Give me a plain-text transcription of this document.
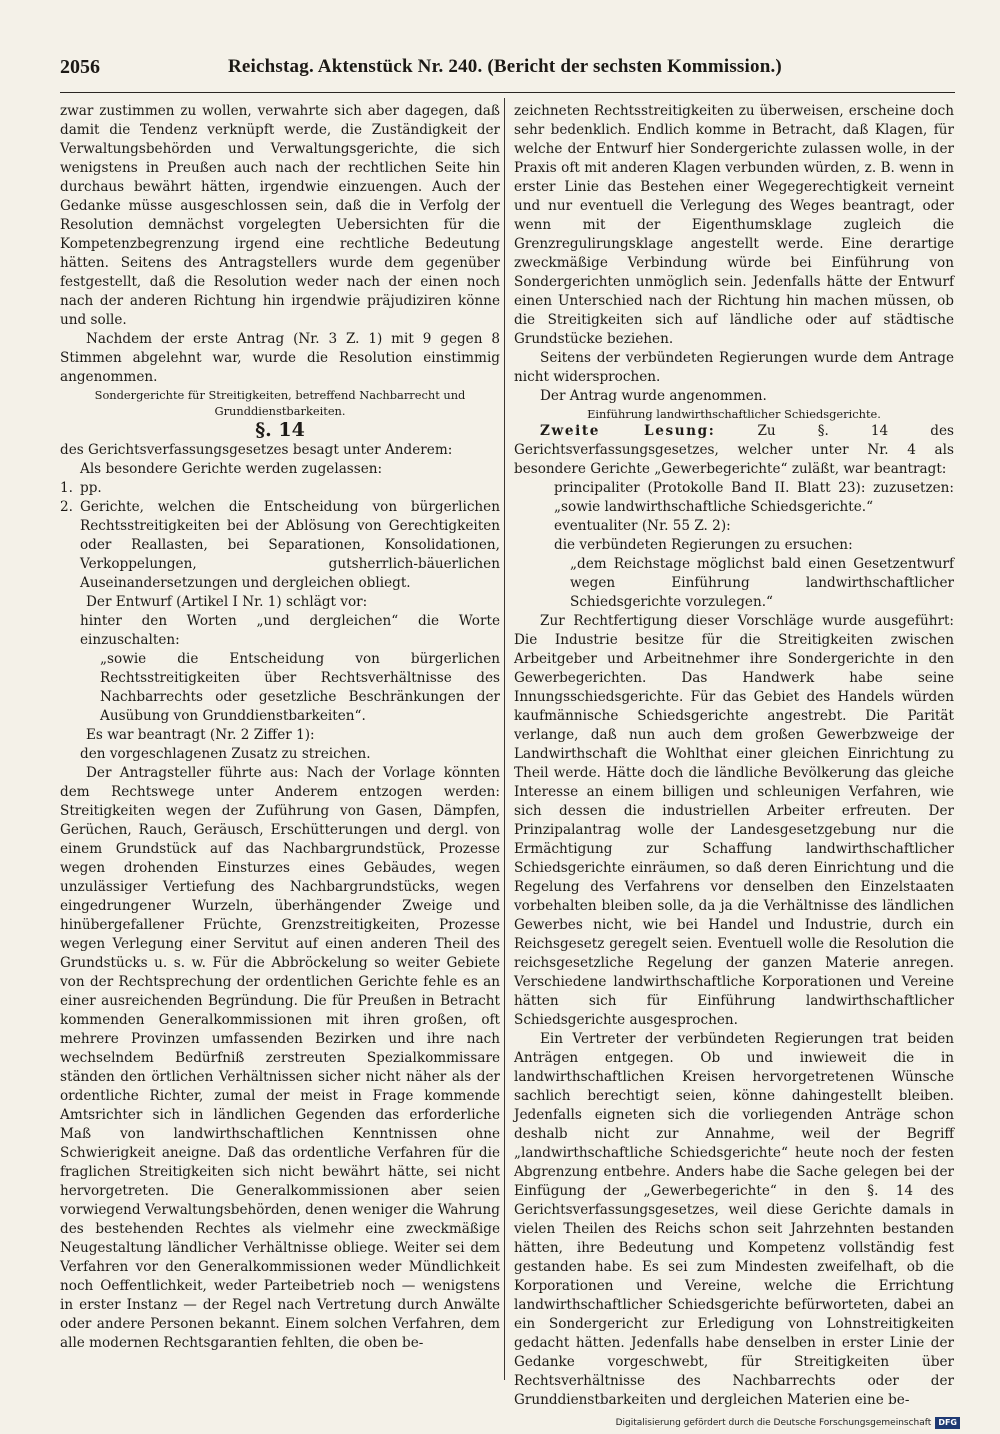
2056	Reichstag. Aktenstück Nr. 240. (Bericht der sechsten Kommission.)

zwar zustimmen zu wollen, verwahrte sich aber dagegen, daß damit die Tendenz verknüpft werde, die Zuständigkeit der Verwaltungsbehörden und Verwaltungsgerichte, die sich wenigstens in Preußen auch nach der rechtlichen Seite hin durchaus bewährt hätten, irgendwie einzuengen. Auch der Gedanke müsse ausgeschlossen sein, daß die in Verfolg der Resolution demnächst vorgelegten Uebersichten für die Kompetenzbegrenzung irgend eine rechtliche Bedeutung hätten. Seitens des Antragstellers wurde dem gegenüber festgestellt, daß die Resolution weder nach der einen noch nach der anderen Richtung hin irgendwie präjudiziren könne und solle.

Nachdem der erste Antrag (Nr. 3 Z. 1) mit 9 gegen 8 Stimmen abgelehnt war, wurde die Resolution einstimmig angenommen.

Sondergerichte für Streitigkeiten, betreffend Nachbarrecht und Grunddienstbarkeiten.

§. 14

des Gerichtsverfassungsgesetzes besagt unter Anderem:

Als besondere Gerichte werden zugelassen:

1. pp.
2. Gerichte, welchen die Entscheidung von bürgerlichen Rechtsstreitigkeiten bei der Ablösung von Gerechtigkeiten oder Reallasten, bei Separationen, Konsolidationen, Verkoppelungen, gutsherrlich-bäuerlichen Auseinandersetzungen und dergleichen obliegt.

Der Entwurf (Artikel I Nr. 1) schlägt vor:

hinter den Worten „und dergleichen“ die Worte einzuschalten:

„sowie die Entscheidung von bürgerlichen Rechtsstreitigkeiten über Rechtsverhältnisse des Nachbarrechts oder gesetzliche Beschränkungen der Ausübung von Grunddienstbarkeiten“.

Es war beantragt (Nr. 2 Ziffer 1):

den vorgeschlagenen Zusatz zu streichen.

Der Antragsteller führte aus: Nach der Vorlage könnten dem Rechtswege unter Anderem entzogen werden: Streitigkeiten wegen der Zuführung von Gasen, Dämpfen, Gerüchen, Rauch, Geräusch, Erschütterungen und dergl. von einem Grundstück auf das Nachbargrundstück, Prozesse wegen drohenden Einsturzes eines Gebäudes, wegen unzulässiger Vertiefung des Nachbargrundstücks, wegen eingedrungener Wurzeln, überhängender Zweige und hinübergefallener Früchte, Grenzstreitigkeiten, Prozesse wegen Verlegung einer Servitut auf einen anderen Theil des Grundstücks u. s. w. Für die Abbröckelung so weiter Gebiete von der Rechtsprechung der ordentlichen Gerichte fehle es an einer ausreichenden Begründung. Die für Preußen in Betracht kommenden Generalkommissionen mit ihren großen, oft mehrere Provinzen umfassenden Bezirken und ihre nach wechselndem Bedürfniß zerstreuten Spezialkommissare ständen den örtlichen Verhältnissen sicher nicht näher als der ordentliche Richter, zumal der meist in Frage kommende Amtsrichter sich in ländlichen Gegenden das erforderliche Maß von landwirthschaftlichen Kenntnissen ohne Schwierigkeit aneigne. Daß das ordentliche Verfahren für die fraglichen Streitigkeiten sich nicht bewährt hätte, sei nicht hervorgetreten. Die Generalkommissionen aber seien vorwiegend Verwaltungsbehörden, denen weniger die Wahrung des bestehenden Rechtes als vielmehr eine zweckmäßige Neugestaltung ländlicher Verhältnisse obliege. Weiter sei dem Verfahren vor den Generalkommissionen weder Mündlichkeit noch Oeffentlichkeit, weder Parteibetrieb noch — wenigstens in erster Instanz — der Regel nach Vertretung durch Anwälte oder andere Personen bekannt. Einem solchen Verfahren, dem alle modernen Rechtsgarantien fehlten, die oben be-

zeichneten Rechtsstreitigkeiten zu überweisen, erscheine doch sehr bedenklich. Endlich komme in Betracht, daß Klagen, für welche der Entwurf hier Sondergerichte zulassen wolle, in der Praxis oft mit anderen Klagen verbunden würden, z. B. wenn in erster Linie das Bestehen einer Wegegerechtigkeit verneint und nur eventuell die Verlegung des Weges beantragt, oder wenn mit der Eigenthumsklage zugleich die Grenzregulirungsklage angestellt werde. Eine derartige zweckmäßige Verbindung würde bei Einführung von Sondergerichten unmöglich sein. Jedenfalls hätte der Entwurf einen Unterschied nach der Richtung hin machen müssen, ob die Streitigkeiten sich auf ländliche oder auf städtische Grundstücke beziehen.

Seitens der verbündeten Regierungen wurde dem Antrage nicht widersprochen.

Der Antrag wurde angenommen.

Einführung landwirthschaftlicher Schiedsgerichte.

Zweite Lesung:	Zu §. 14 des Gerichtsverfassungsgesetzes, welcher unter Nr. 4 als besondere Gerichte „Gewerbegerichte“ zuläßt, war beantragt:

principaliter (Protokolle Band II. Blatt 23): zuzusetzen: „sowie landwirthschaftliche Schiedsgerichte.“

eventualiter (Nr. 55 Z. 2):

die verbündeten Regierungen zu ersuchen:

„dem Reichstage möglichst bald einen Gesetzentwurf wegen Einführung landwirthschaftlicher Schiedsgerichte vorzulegen.“

Zur Rechtfertigung dieser Vorschläge wurde ausgeführt: Die Industrie besitze für die Streitigkeiten zwischen Arbeitgeber und Arbeitnehmer ihre Sondergerichte in den Gewerbegerichten. Das Handwerk habe seine Innungsschiedsgerichte. Für das Gebiet des Handels würden kaufmännische Schiedsgerichte angestrebt. Die Parität verlange, daß nun auch dem großen Gewerbzweige der Landwirthschaft die Wohlthat einer gleichen Einrichtung zu Theil werde. Hätte doch die ländliche Bevölkerung das gleiche Interesse an einem billigen und schleunigen Verfahren, wie sich dessen die industriellen Arbeiter erfreuten. Der Prinzipalantrag wolle der Landesgesetzgebung nur die Ermächtigung zur Schaffung landwirthschaftlicher Schiedsgerichte einräumen, so daß deren Einrichtung und die Regelung des Verfahrens vor denselben den Einzelstaaten vorbehalten bleiben solle, da ja die Verhältnisse des ländlichen Gewerbes nicht, wie bei Handel und Industrie, durch ein Reichsgesetz geregelt seien. Eventuell wolle die Resolution die reichsgesetzliche Regelung der ganzen Materie anregen. Verschiedene landwirthschaftliche Korporationen und Vereine hätten sich für Einführung landwirthschaftlicher Schiedsgerichte ausgesprochen.

Ein Vertreter der verbündeten Regierungen trat beiden Anträgen entgegen. Ob und inwieweit die in landwirthschaftlichen Kreisen hervorgetretenen Wünsche sachlich berechtigt seien, könne dahingestellt bleiben. Jedenfalls eigneten sich die vorliegenden Anträge schon deshalb nicht zur Annahme, weil der Begriff „landwirthschaftliche Schiedsgerichte“ heute noch der festen Abgrenzung entbehre. Anders habe die Sache gelegen bei der Einfügung der „Gewerbegerichte“ in den §. 14 des Gerichtsverfassungsgesetzes, weil diese Gerichte damals in vielen Theilen des Reichs schon seit Jahrzehnten bestanden hätten, ihre Bedeutung und Kompetenz vollständig fest gestanden habe. Es sei zum Mindesten zweifelhaft, ob die Korporationen und Vereine, welche die Errichtung landwirthschaftlicher Schiedsgerichte befürworteten, dabei an ein Sondergericht zur Erledigung von Lohnstreitigkeiten gedacht hätten. Jedenfalls habe denselben in erster Linie der Gedanke vorgeschwebt, für Streitigkeiten über Rechtsverhältnisse des Nachbarrechts oder der Grunddienstbarkeiten und dergleichen Materien eine be-

Digitalisierung gefördert durch die Deutsche Forschungsgemeinschaft DFG
